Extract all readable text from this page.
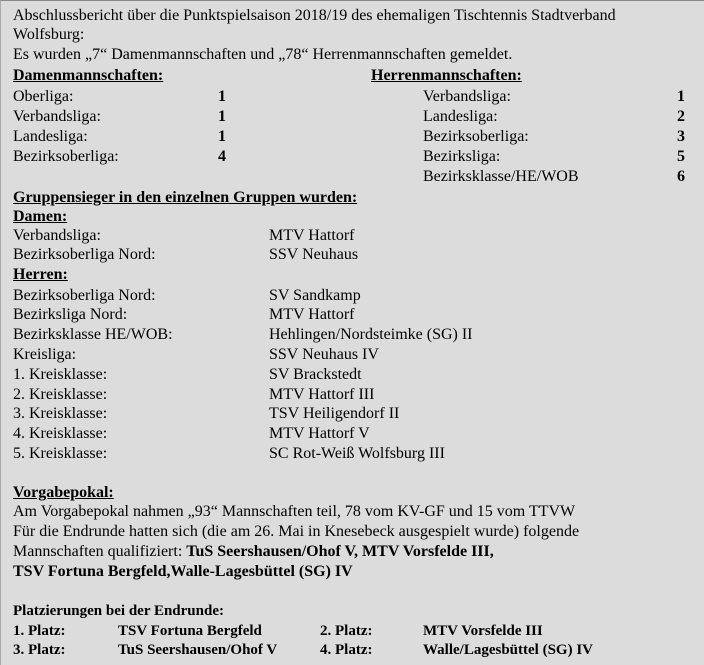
Abschlussbericht über die Punktspielsaison 2018/19 des ehemaligen Tischtennis Stadtverband
Wolfsburg:
Es wurden „7“ Damenmannschaften und „78“ Herrenmannschaften gemeldet.
Damenmannschaften:
Oberliga:	1
Verbandsliga:	1
Landesliga:	1
Bezirksoberliga:	4
Herrenmannschaften:
Verbandsliga:	1
Landesliga:	2
Bezirksoberliga:	3
Bezirksliga:	5
Bezirksklasse/HE/WOB	6
Gruppensieger in den einzelnen Gruppen wurden:
Damen:
Verbandsliga:	MTV Hattorf
Bezirksoberliga Nord:	SSV Neuhaus
Herren:
Bezirksoberliga Nord:	SV Sandkamp
Bezirksliga Nord:	MTV Hattorf
Bezirksklasse HE/WOB:	Hehlingen/Nordsteimke (SG) II
Kreisliga:	SSV Neuhaus IV
1. Kreisklasse:	SV Brackstedt
2. Kreisklasse:	MTV Hattorf III
3. Kreisklasse:	TSV Heiligendorf II
4. Kreisklasse:	MTV Hattorf V
5. Kreisklasse:	SC Rot-Weiß Wolfsburg III
Vorgabepokal:
Am Vorgabepokal nahmen „93“ Mannschaften teil, 78 vom KV-GF und 15 vom TTVW
Für die Endrunde hatten sich (die am 26. Mai in Knesebeck ausgespielt wurde) folgende
Mannschaften qualifiziert: TuS Seershausen/Ohof V, MTV Vorsfelde III,
TSV Fortuna Bergfeld,Walle-Lagesbüttel (SG) IV
Platzierungen bei der Endrunde:
1. Platz:	TSV Fortuna Bergfeld	2. Platz:	MTV Vorsfelde III
3. Platz:	TuS Seershausen/Ohof V	4. Platz:	Walle/Lagesbüttel (SG) IV
